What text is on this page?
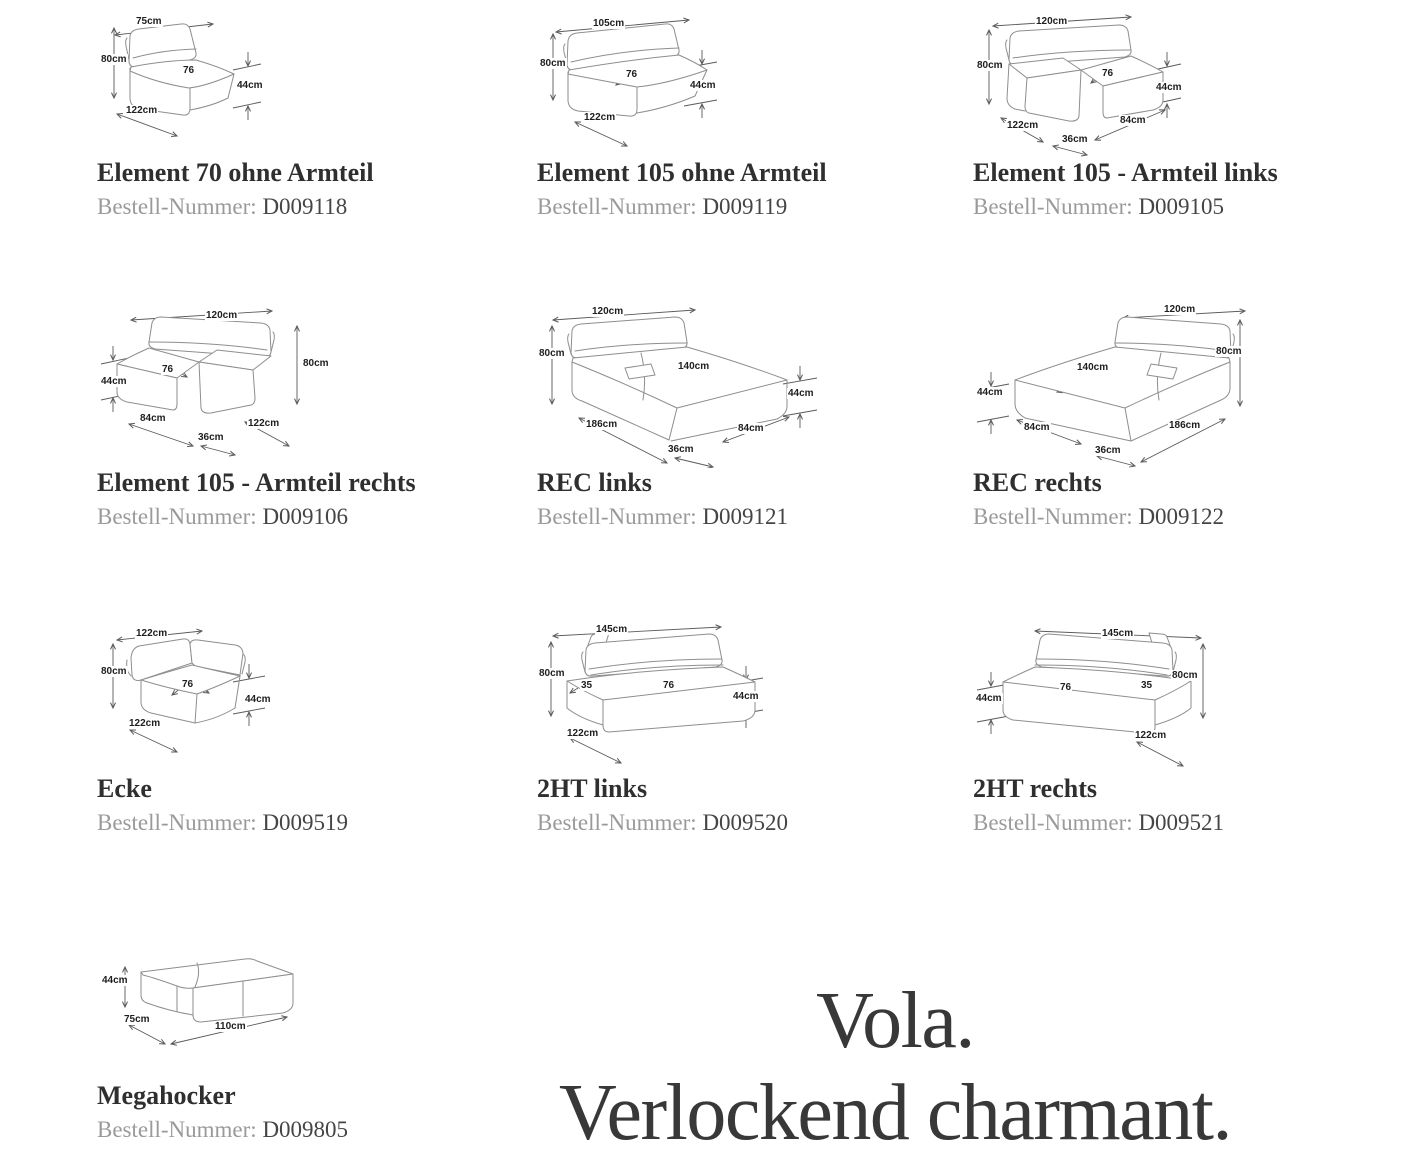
75cm
80cm
76
44cm
122cm
Element 70 ohne Armteil

Bestell-Nummer: D009118

105cm
80cm
76
44cm
122cm
Element 105 ohne Armteil

Bestell-Nummer: D009119

120cm
80cm
76
44cm
122cm
36cm
84cm
Element 105 - Armteil links

Bestell-Nummer: D009105

120cm
80cm
76
44cm
84cm
36cm
122cm
Element 105 - Armteil rechts

Bestell-Nummer: D009106

120cm
80cm
140cm
44cm
186cm	84cm
36cm
REC links

Bestell-Nummer: D009121

120cm
80cm
140cm
44cm
84cm
36cm
186cm
REC rechts

Bestell-Nummer: D009122

122cm
80cm
76
44cm
122cm
Ecke

Bestell-Nummer: D009519

145cm
80cm
35	76
44cm
122cm
2HT links

Bestell-Nummer: D009520

145cm
80cm
76	35
44cm
122cm
2HT rechts

Bestell-Nummer: D009521

44cm
75cm
110cm
Megahocker

Bestell-Nummer: D009805

Vola.
Verlockend charmant.
